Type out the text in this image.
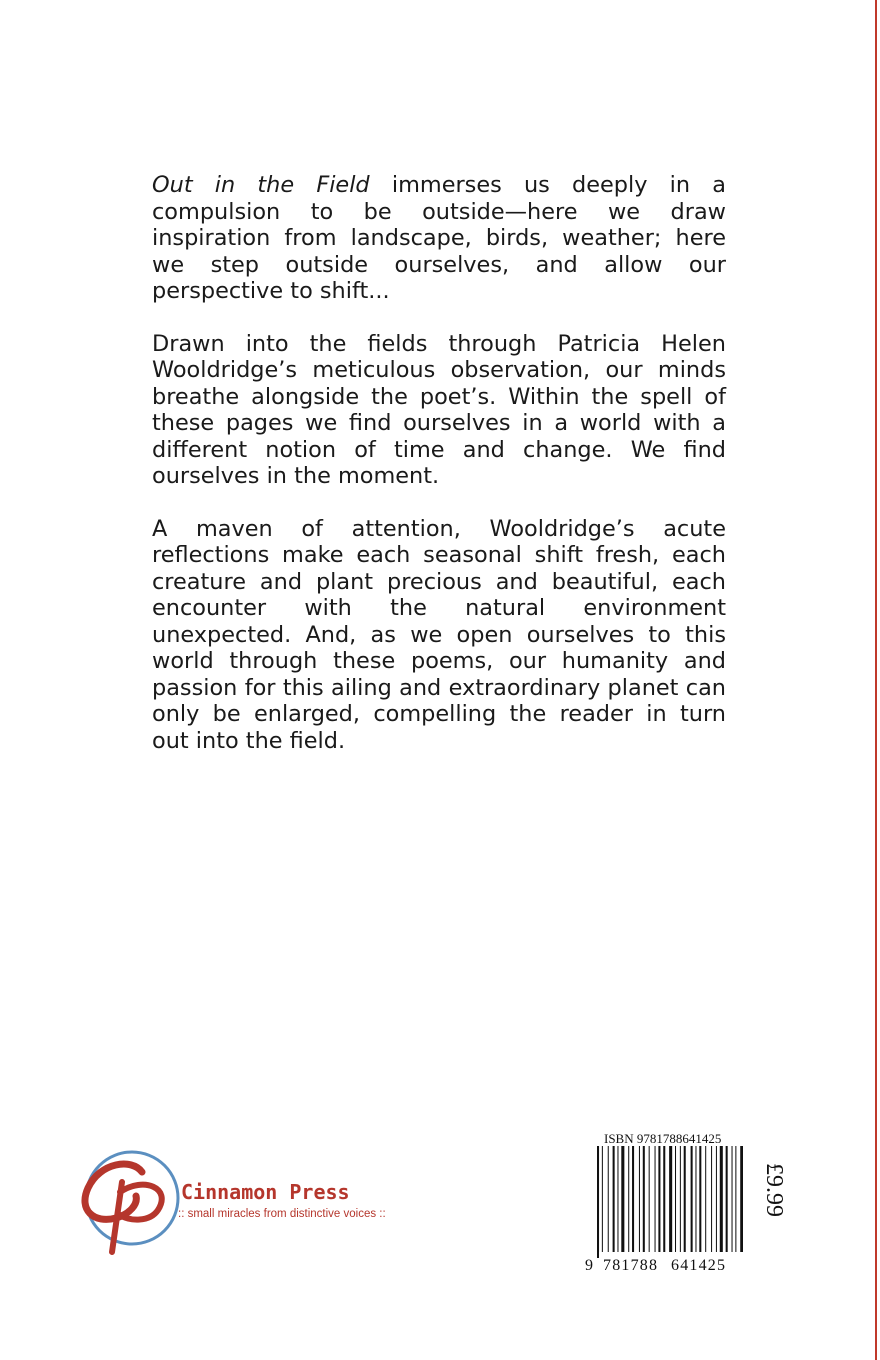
Out in the Field immerses us deeply in a compulsion to be outside—here we draw inspiration from landscape, birds, weather; here we step outside ourselves, and allow our perspective to shift...

Drawn into the fields through Patricia Helen Wooldridge’s meticulous observation, our minds breathe alongside the poet’s. Within the spell of these pages we find ourselves in a world with a different notion of time and change. We find ourselves in the moment.

A maven of attention, Wooldridge’s acute reflections make each seasonal shift fresh, each creature and plant precious and beautiful, each encounter with the natural environment unexpected. And, as we open ourselves to this world through these poems, our humanity and passion for this ailing and extraordinary planet can only be enlarged, compelling the reader in turn out into the field.

Cinnamon Press
:: small miracles from distinctive voices ::
ISBN 9781788641425
9 781788 641425
£9.99
